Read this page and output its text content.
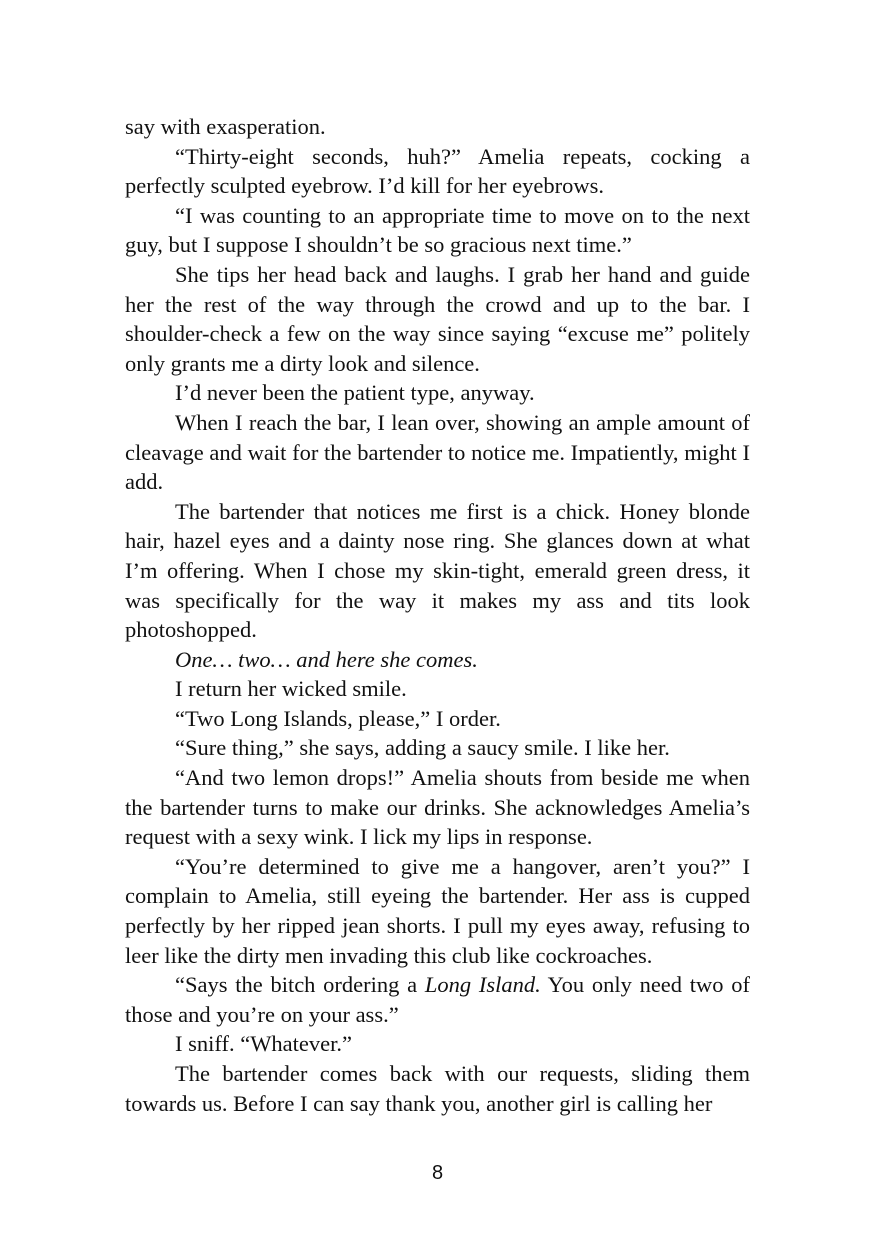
say with exasperation.

“Thirty-eight seconds, huh?” Amelia repeats, cocking a perfectly sculpted eyebrow. I’d kill for her eyebrows.

“I was counting to an appropriate time to move on to the next guy, but I suppose I shouldn’t be so gracious next time.”

She tips her head back and laughs. I grab her hand and guide her the rest of the way through the crowd and up to the bar. I shoulder-check a few on the way since saying “excuse me” politely only grants me a dirty look and silence.

I’d never been the patient type, anyway.

When I reach the bar, I lean over, showing an ample amount of cleavage and wait for the bartender to notice me. Impatiently, might I add.

The bartender that notices me first is a chick. Honey blonde hair, hazel eyes and a dainty nose ring. She glances down at what I’m offering. When I chose my skin-tight, emerald green dress, it was specifically for the way it makes my ass and tits look photoshopped.

One… two… and here she comes.

I return her wicked smile.

“Two Long Islands, please,” I order.

“Sure thing,” she says, adding a saucy smile. I like her.

“And two lemon drops!” Amelia shouts from beside me when the bartender turns to make our drinks. She acknowledges Amelia’s request with a sexy wink. I lick my lips in response.

“You’re determined to give me a hangover, aren’t you?” I complain to Amelia, still eyeing the bartender. Her ass is cupped perfectly by her ripped jean shorts. I pull my eyes away, refusing to leer like the dirty men invading this club like cockroaches.

“Says the bitch ordering a Long Island. You only need two of those and you’re on your ass.”

I sniff. “Whatever.”

The bartender comes back with our requests, sliding them towards us. Before I can say thank you, another girl is calling her

8
